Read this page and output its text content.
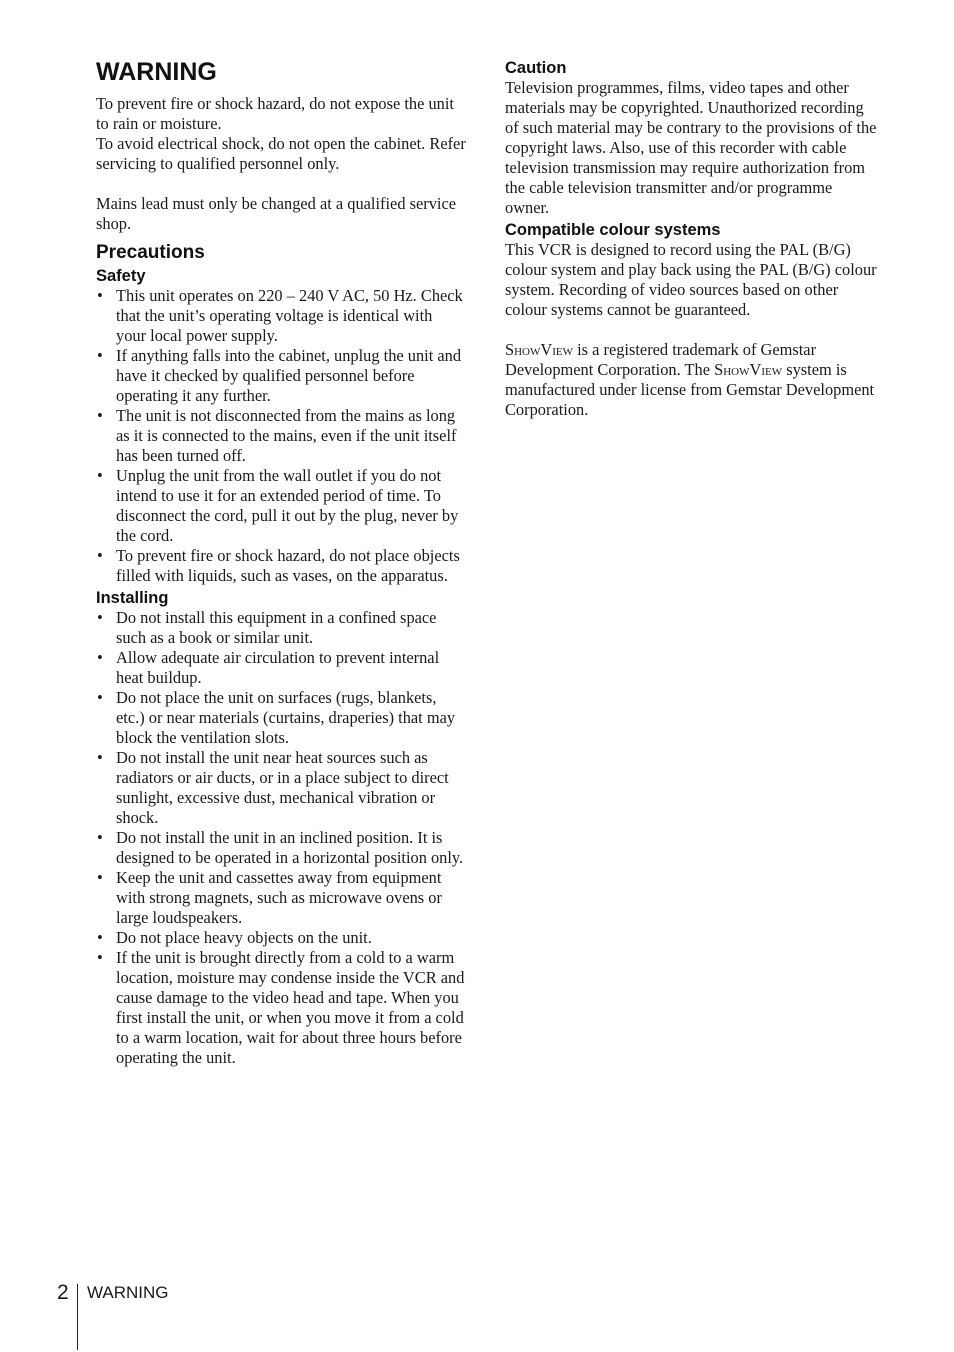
WARNING

To prevent fire or shock hazard, do not expose the unit to rain or moisture.

To avoid electrical shock, do not open the cabinet. Refer servicing to qualified personnel only.

Mains lead must only be changed at a qualified service shop.

Precautions
Safety
• This unit operates on 220 – 240 V AC, 50 Hz. Check that the unit’s operating voltage is identical with your local power supply.
• If anything falls into the cabinet, unplug the unit and have it checked by qualified personnel before operating it any further.
• The unit is not disconnected from the mains as long as it is connected to the mains, even if the unit itself has been turned off.
• Unplug the unit from the wall outlet if you do not intend to use it for an extended period of time. To disconnect the cord, pull it out by the plug, never by the cord.
• To prevent fire or shock hazard, do not place objects filled with liquids, such as vases, on the apparatus.
Installing
• Do not install this equipment in a confined space such as a book or similar unit.
• Allow adequate air circulation to prevent internal heat buildup.
• Do not place the unit on surfaces (rugs, blankets, etc.) or near materials (curtains, draperies) that may block the ventilation slots.
• Do not install the unit near heat sources such as radiators or air ducts, or in a place subject to direct sunlight, excessive dust, mechanical vibration or shock.
• Do not install the unit in an inclined position. It is designed to be operated in a horizontal position only.
• Keep the unit and cassettes away from equipment with strong magnets, such as microwave ovens or large loudspeakers.
• Do not place heavy objects on the unit.
• If the unit is brought directly from a cold to a warm location, moisture may condense inside the VCR and cause damage to the video head and tape. When you first install the unit, or when you move it from a cold to a warm location, wait for about three hours before operating the unit.
Caution

Television programmes, films, video tapes and other materials may be copyrighted. Unauthorized recording of such material may be contrary to the provisions of the copyright laws. Also, use of this recorder with cable television transmission may require authorization from the cable television transmitter and/or programme owner.

Compatible colour systems

This VCR is designed to record using the PAL (B/G) colour system and play back using the PAL (B/G) colour system. Recording of video sources based on other colour systems cannot be guaranteed.

ShowView is a registered trademark of Gemstar Development Corporation. The ShowView system is manufactured under license from Gemstar Development Corporation.

2 WARNING
